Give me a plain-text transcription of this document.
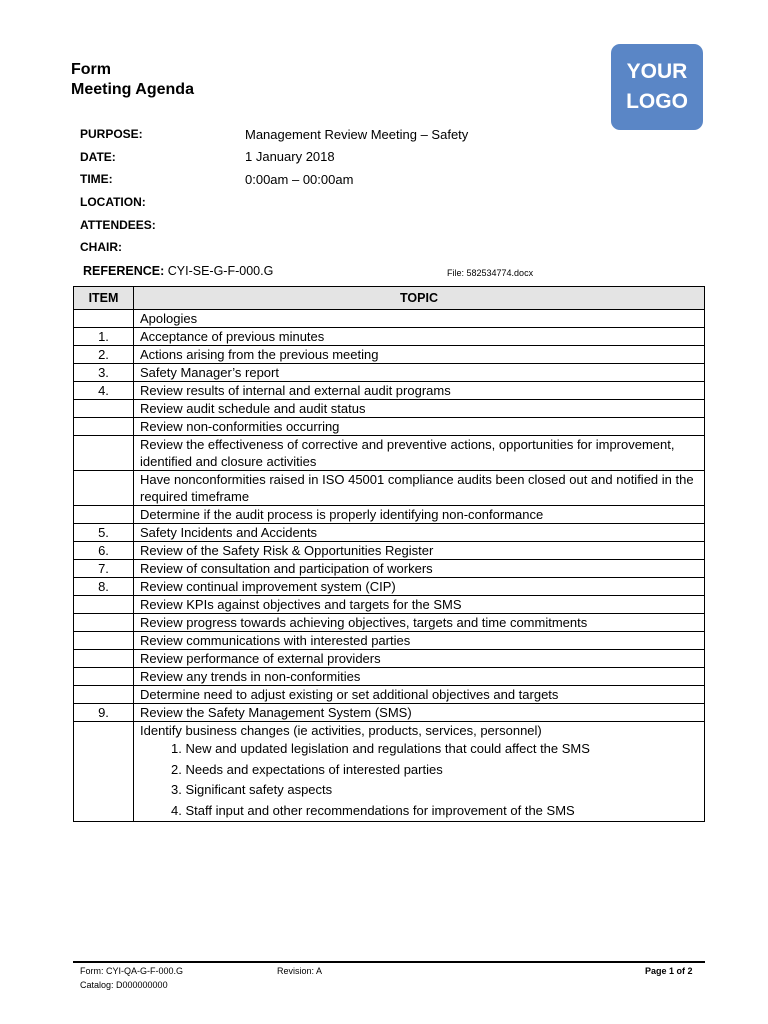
Form
Meeting Agenda
YOUR
LOGO
PURPOSE:	Management Review Meeting – Safety
DATE:	1 January 2018
TIME:	0:00am – 00:00am
LOCATION:
ATTENDEES:
CHAIR:
REFERENCE: CYI-SE-G-F-000.G	File: 582534774.docx
ITEM	TOPIC
	Apologies
1.	Acceptance of previous minutes
2.	Actions arising from the previous meeting
3.	Safety Manager’s report
4.	Review results of internal and external audit programs
	Review audit schedule and audit status
	Review non-conformities occurring
	Review the effectiveness of corrective and preventive actions, opportunities for improvement, identified and closure activities
	Have nonconformities raised in ISO 45001 compliance audits been closed out and notified in the required timeframe
	Determine if the audit process is properly identifying non-conformance
5.	Safety Incidents and Accidents
6.	Review of the Safety Risk & Opportunities Register
7.	Review of consultation and participation of workers
8.	Review continual improvement system (CIP)
	Review KPIs against objectives and targets for the SMS
	Review progress towards achieving objectives, targets and time commitments
	Review communications with interested parties
	Review performance of external providers
	Review any trends in non-conformities
	Determine need to adjust existing or set additional objectives and targets
9.	Review the Safety Management System (SMS)
	Identify business changes (ie activities, products, services, personnel)
1. New and updated legislation and regulations that could affect the SMS
2. Needs and expectations of interested parties
3. Significant safety aspects
4. Staff input and other recommendations for improvement of the SMS
Form: CYI-QA-G-F-000.G	Revision: A	Page 1 of 2
Catalog: D000000000
